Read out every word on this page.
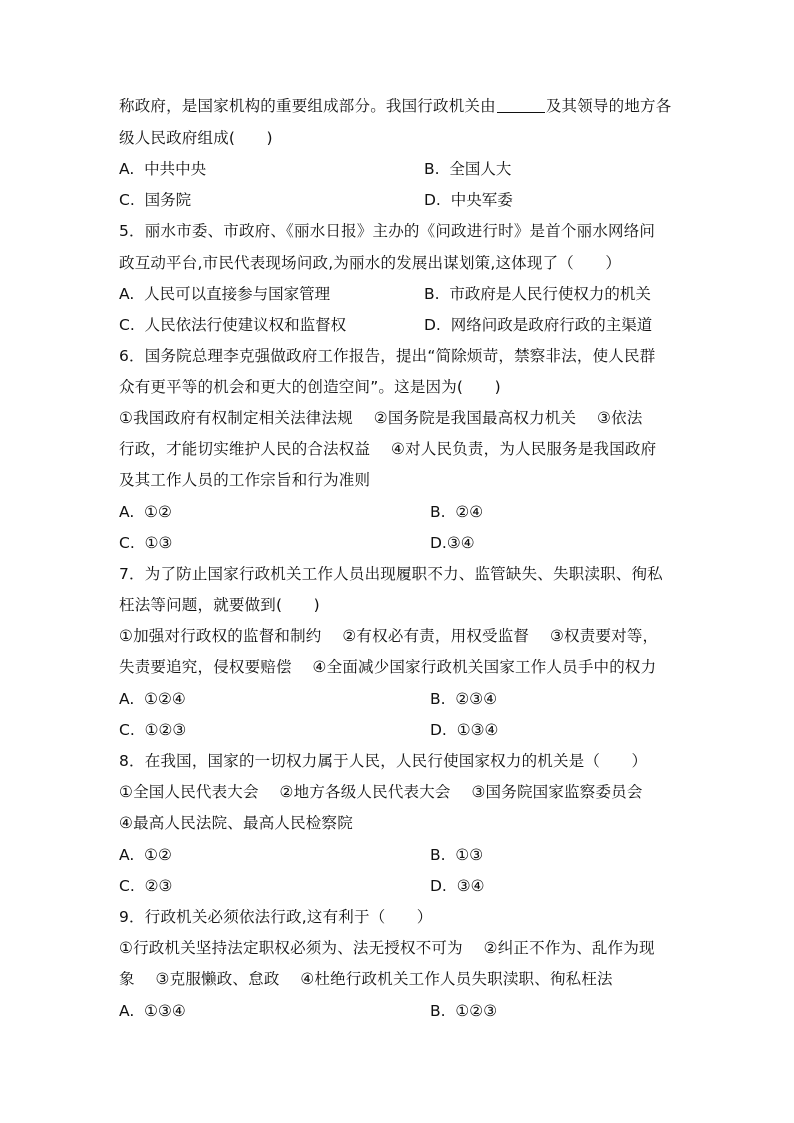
称政府，是国家机构的重要组成部分。我国行政机关由	及其领导的地方各
级人民政府组成(　　)
A.  中共中央	B.  全国人大
C.  国务院	D.  中央军委
5．丽水市委、市政府、《丽水日报》主办的《问政进行时》是首个丽水网络问
政互动平台,市民代表现场问政,为丽水的发展出谋划策,这体现了（　　）
A.  人民可以直接参与国家管理	B.  市政府是人民行使权力的机关
C.  人民依法行使建议权和监督权	D.  网络问政是政府行政的主渠道
6．国务院总理李克强做政府工作报告，提出“简除烦苛，禁察非法，使人民群
众有更平等的机会和更大的创造空间”。这是因为(　　)
①我国政府有权制定相关法律法规　 ②国务院是我国最高权力机关　 ③依法
行政，才能切实维护人民的合法权益　 ④对人民负责，为人民服务是我国政府
及其工作人员的工作宗旨和行为准则
A.  ①②	B.  ②④
C.  ①③	D.③④
7．为了防止国家行政机关工作人员出现履职不力、监管缺失、失职渎职、徇私
枉法等问题，就要做到(　　)
①加强对行政权的监督和制约　 ②有权必有责，用权受监督　 ③权责要对等，
失责要追究，侵权要赔偿　 ④全面减少国家行政机关国家工作人员手中的权力
A.  ①②④	B.  ②③④
C.  ①②③	D.  ①③④
8．在我国，国家的一切权力属于人民，人民行使国家权力的机关是（　　）
①全国人民代表大会　 ②地方各级人民代表大会　 ③国务院国家监察委员会
④最高人民法院、最高人民检察院
A.  ①②	B.  ①③
C.  ②③	D.  ③④
9．行政机关必须依法行政,这有利于（　　）
①行政机关坚持法定职权必须为、法无授权不可为　 ②纠正不作为、乱作为现
象　 ③克服懒政、怠政　 ④杜绝行政机关工作人员失职渎职、徇私枉法
A.  ①③④	B.  ①②③
